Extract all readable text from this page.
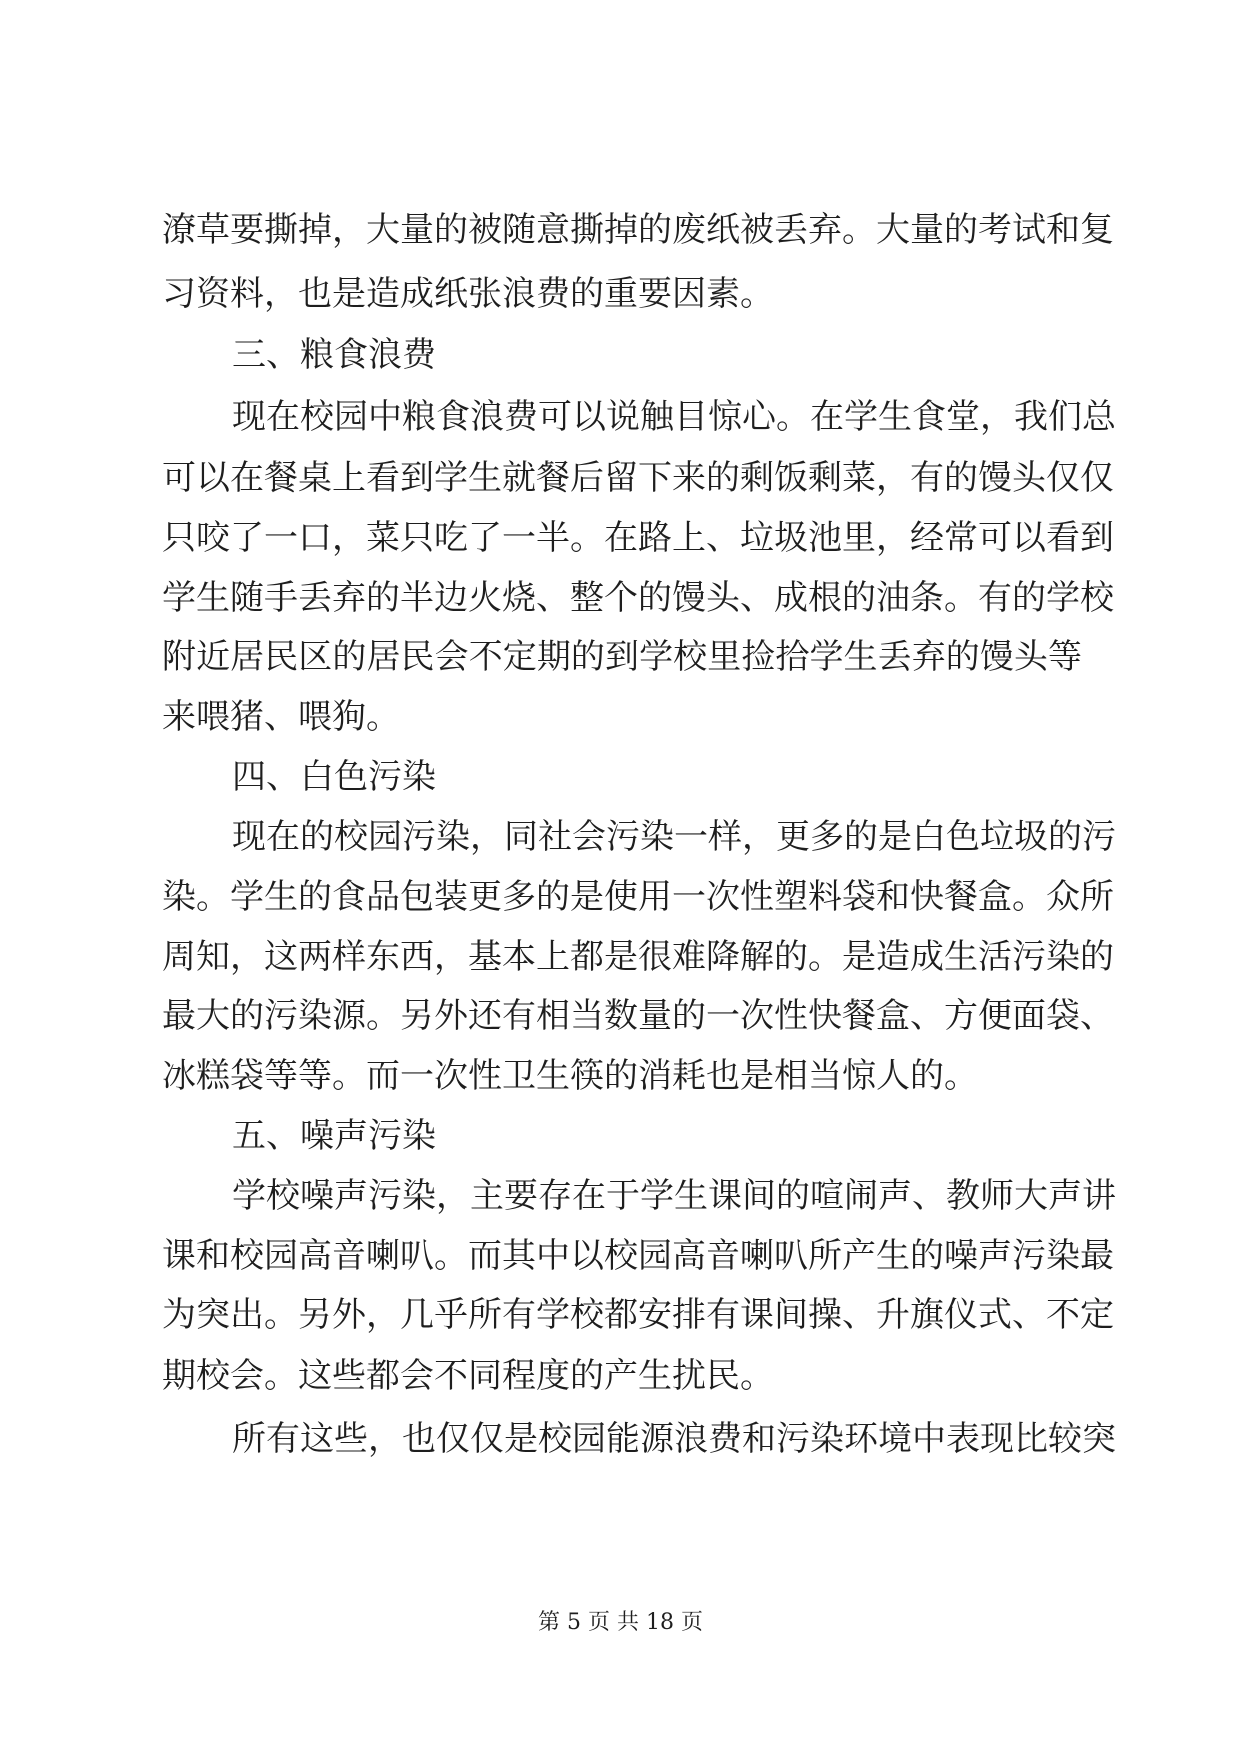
潦草要撕掉，大量的被随意撕掉的废纸被丢弃。大量的考试和复
习资料，也是造成纸张浪费的重要因素。
三、粮食浪费
现在校园中粮食浪费可以说触目惊心。在学生食堂，我们总
可以在餐桌上看到学生就餐后留下来的剩饭剩菜，有的馒头仅仅
只咬了一口，菜只吃了一半。在路上、垃圾池里，经常可以看到
学生随手丢弃的半边火烧、整个的馒头、成根的油条。有的学校
附近居民区的居民会不定期的到学校里捡拾学生丢弃的馒头等
来喂猪、喂狗。
四、白色污染
现在的校园污染，同社会污染一样，更多的是白色垃圾的污
染。学生的食品包装更多的是使用一次性塑料袋和快餐盒。众所
周知，这两样东西，基本上都是很难降解的。是造成生活污染的
最大的污染源。另外还有相当数量的一次性快餐盒、方便面袋、
冰糕袋等等。而一次性卫生筷的消耗也是相当惊人的。
五、噪声污染
学校噪声污染，主要存在于学生课间的喧闹声、教师大声讲
课和校园高音喇叭。而其中以校园高音喇叭所产生的噪声污染最
为突出。另外，几乎所有学校都安排有课间操、升旗仪式、不定
期校会。这些都会不同程度的产生扰民。
所有这些，也仅仅是校园能源浪费和污染环境中表现比较突
第 5 页 共 18 页
